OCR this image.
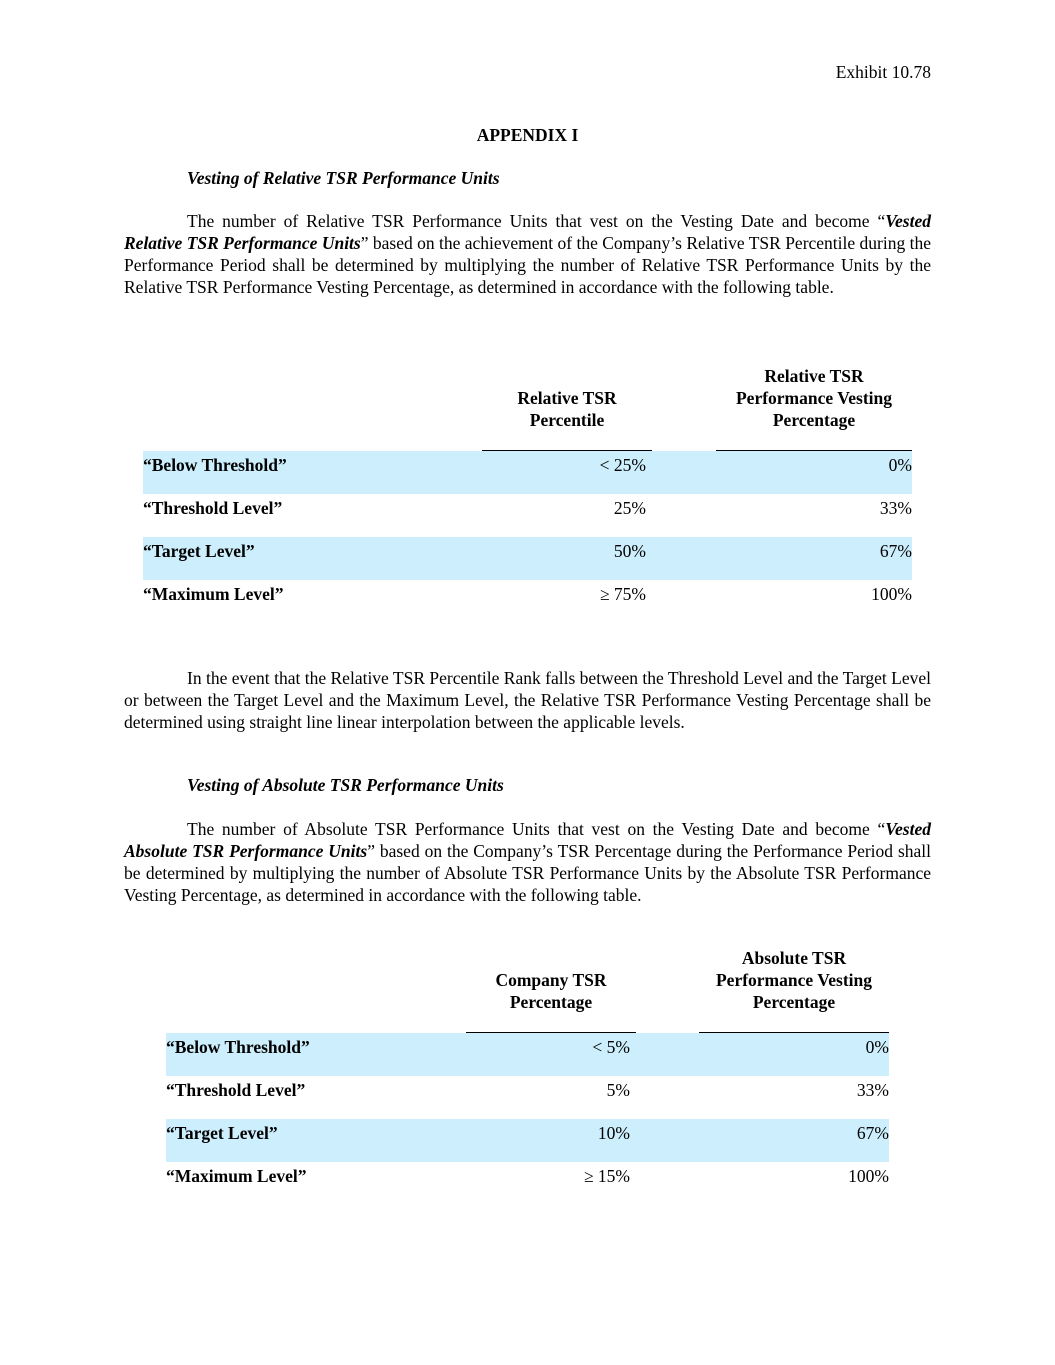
Exhibit 10.78
APPENDIX I
Vesting of Relative TSR Performance Units
The number of Relative TSR Performance Units that vest on the Vesting Date and become “Vested Relative TSR Performance Units” based on the achievement of the Company’s Relative TSR Percentile during the Performance Period shall be determined by multiplying the number of Relative TSR Performance Units by the Relative TSR Performance Vesting Percentage, as determined in accordance with the following table.
Relative TSR
Percentile
Relative TSR
Performance Vesting
Percentage
“Below Threshold”	< 25%	0%
“Threshold Level”	25%	33%
“Target Level”	50%	67%
“Maximum Level”	≥ 75%	100%
In the event that the Relative TSR Percentile Rank falls between the Threshold Level and the Target Level or between the Target Level and the Maximum Level, the Relative TSR Performance Vesting Percentage shall be determined using straight line linear interpolation between the applicable levels.
Vesting of Absolute TSR Performance Units
The number of Absolute TSR Performance Units that vest on the Vesting Date and become “Vested Absolute TSR Performance Units” based on the Company’s TSR Percentage during the Performance Period shall be determined by multiplying the number of Absolute TSR Performance Units by the Absolute TSR Performance Vesting Percentage, as determined in accordance with the following table.
Company TSR
Percentage
Absolute TSR
Performance Vesting
Percentage
“Below Threshold”	< 5%	0%
“Threshold Level”	5%	33%
“Target Level”	10%	67%
“Maximum Level”	≥ 15%	100%
